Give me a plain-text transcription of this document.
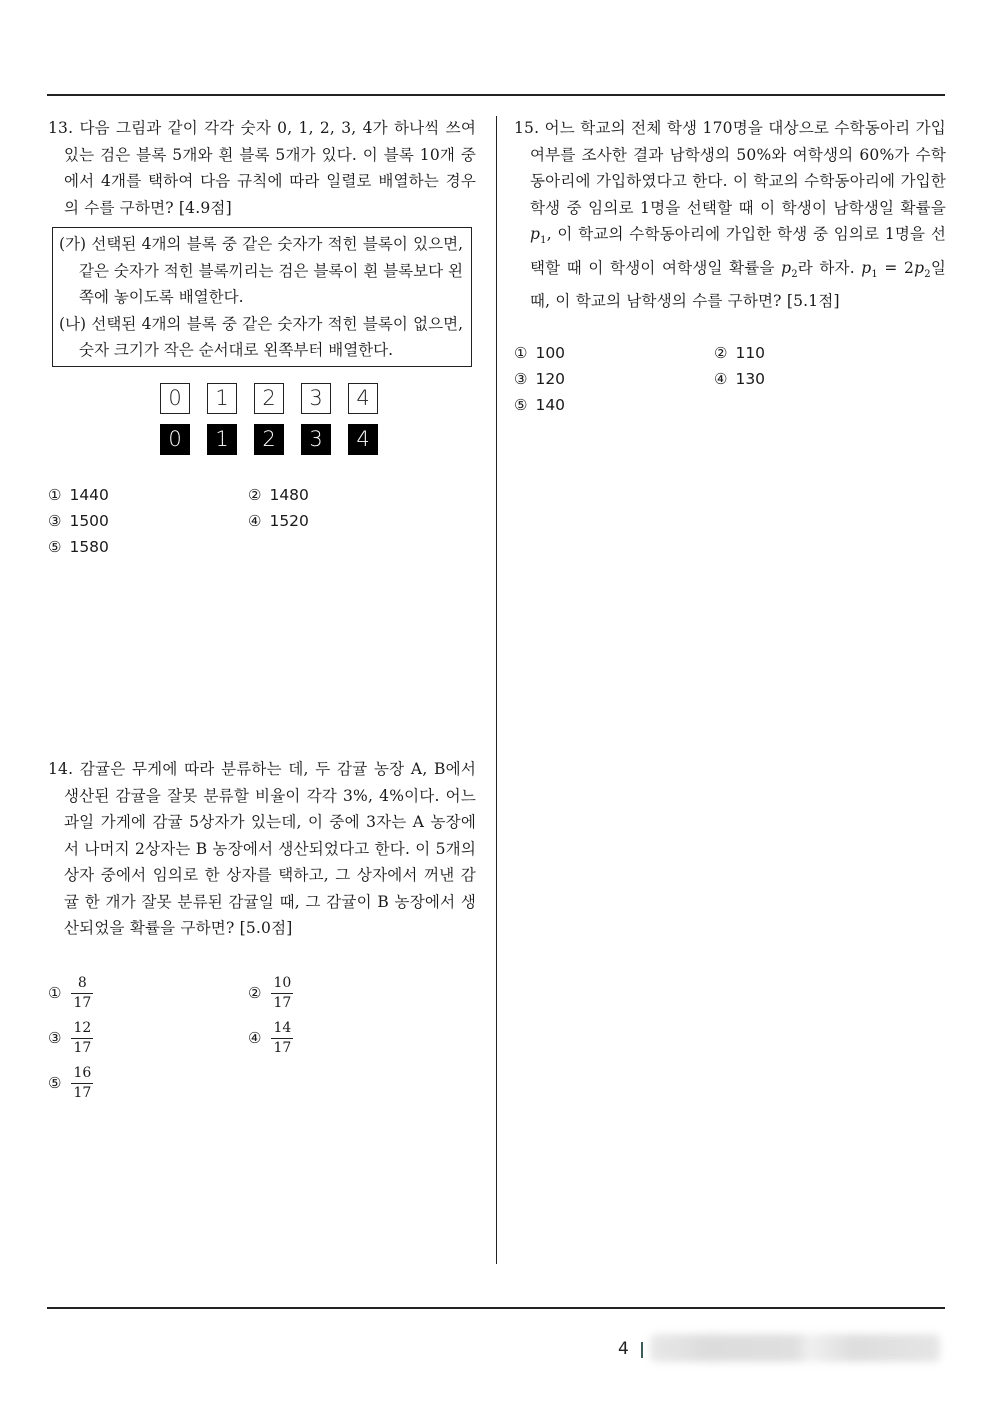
13. 다음 그림과 같이 각각 숫자 0, 1, 2, 3, 4가 하나씩 쓰여있는 검은 블록 5개와 흰 블록 5개가 있다. 이 블록 10개 중에서 4개를 택하여 다음 규칙에 따라 일렬로 배열하는 경우의 수를 구하면? [4.9점]

(가) 선택된 4개의 블록 중 같은 숫자가 적힌 블록이 있으면, 같은 숫자가 적힌 블록끼리는 검은 블록이 흰 블록보다 왼쪽에 놓이도록 배열한다.

(나) 선택된 4개의 블록 중 같은 숫자가 적힌 블록이 없으면, 숫자 크기가 작은 순서대로 왼쪽부터 배열한다.

0	1	2	3	4
0	1	2	3	4
① 1440	② 1480
③ 1500	④ 1520
⑤ 1580

14. 감귤은 무게에 따라 분류하는 데, 두 감귤 농장 A, B에서 생산된 감귤을 잘못 분류할 비율이 각각 3%, 4%이다. 어느 과일 가게에 감귤 5상자가 있는데, 이 중에 3자는 A 농장에서 나머지 2상자는 B 농장에서 생산되었다고 한다. 이 5개의 상자 중에서 임의로 한 상자를 택하고, 그 상자에서 꺼낸 감귤 한 개가 잘못 분류된 감귤일 때, 그 감귤이 B 농장에서 생산되었을 확률을 구하면? [5.0점]

① $\frac{8}{17}$	② $\frac{10}{17}$
③ $\frac{12}{17}$	④ $\frac{14}{17}$
⑤ $\frac{16}{17}$

15. 어느 학교의 전체 학생 170명을 대상으로 수학동아리 가입여부를 조사한 결과 남학생의 50%와 여학생의 60%가 수학동아리에 가입하였다고 한다. 이 학교의 수학동아리에 가입한 학생 중 임의로 1명을 선택할 때 이 학생이 남학생일 확률을 $p_1$, 이 학교의 수학동아리에 가입한 학생 중 임의로 1명을 선택할 때 이 학생이 여학생일 확률을 $p_2$라 하자. $p_1 = 2p_2$일 때, 이 학교의 남학생의 수를 구하면? [5.1점]

① 100	② 110
③ 120	④ 130
⑤ 140
4
